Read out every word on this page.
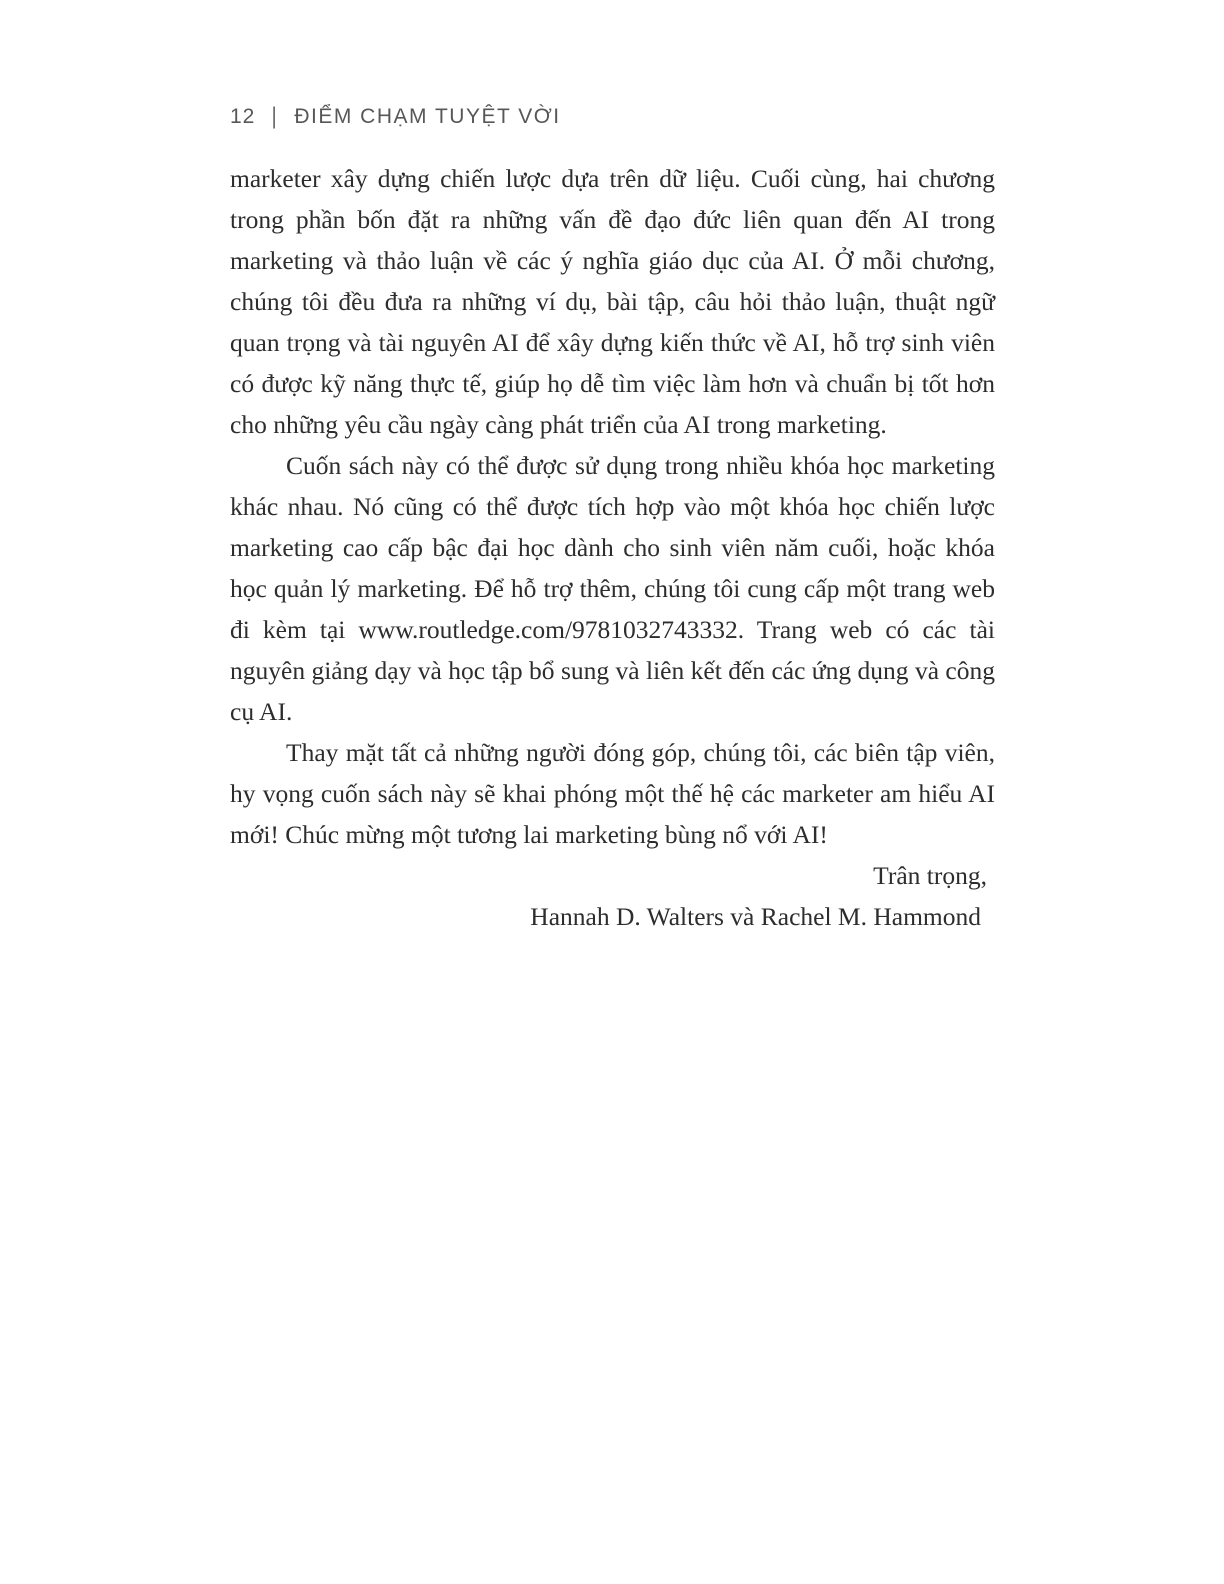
12 | ĐIỂM CHẠM TUYỆT VỜI

marketer xây dựng chiến lược dựa trên dữ liệu. Cuối cùng, hai chương trong phần bốn đặt ra những vấn đề đạo đức liên quan đến AI trong marketing và thảo luận về các ý nghĩa giáo dục của AI. Ở mỗi chương, chúng tôi đều đưa ra những ví dụ, bài tập, câu hỏi thảo luận, thuật ngữ quan trọng và tài nguyên AI để xây dựng kiến thức về AI, hỗ trợ sinh viên có được kỹ năng thực tế, giúp họ dễ tìm việc làm hơn và chuẩn bị tốt hơn cho những yêu cầu ngày càng phát triển của AI trong marketing.

Cuốn sách này có thể được sử dụng trong nhiều khóa học marketing khác nhau. Nó cũng có thể được tích hợp vào một khóa học chiến lược marketing cao cấp bậc đại học dành cho sinh viên năm cuối, hoặc khóa học quản lý marketing. Để hỗ trợ thêm, chúng tôi cung cấp một trang web đi kèm tại www.routledge.com/9781032743332. Trang web có các tài nguyên giảng dạy và học tập bổ sung và liên kết đến các ứng dụng và công cụ AI.

Thay mặt tất cả những người đóng góp, chúng tôi, các biên tập viên, hy vọng cuốn sách này sẽ khai phóng một thế hệ các marketer am hiểu AI mới! Chúc mừng một tương lai marketing bùng nổ với AI!

Trân trọng,
Hannah D. Walters và Rachel M. Hammond
